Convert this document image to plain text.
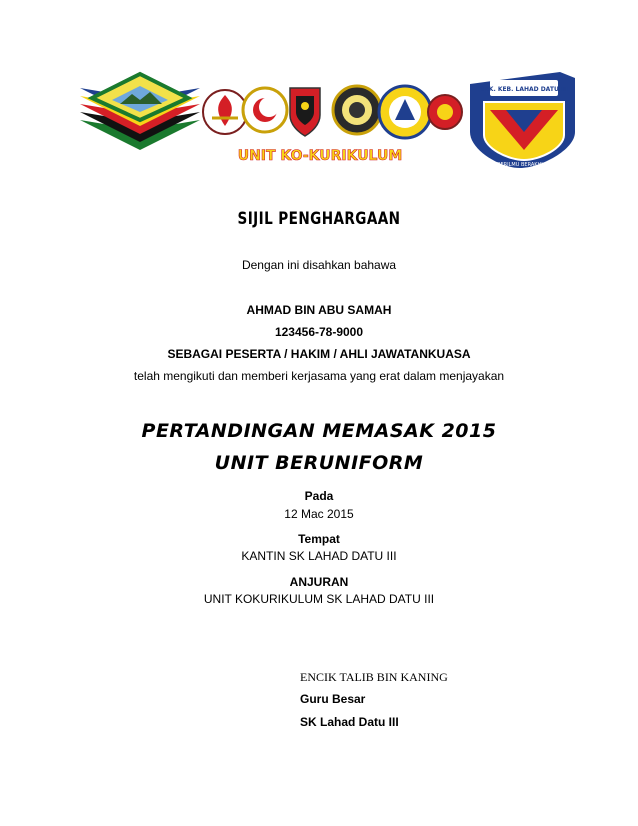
UNIT KO-KURIKULUM
SEK. KEB. LAHAD DATU III
BERILMU BERAKHLAK
SIJIL PENGHARGAAN
Dengan ini disahkan bahawa
AHMAD BIN ABU SAMAH
123456-78-9000
SEBAGAI PESERTA / HAKIM / AHLI JAWATANKUASA
telah mengikuti dan memberi kerjasama yang erat dalam menjayakan
PERTANDINGAN MEMASAK 2015
UNIT BERUNIFORM
Pada
12 Mac 2015
Tempat
KANTIN SK LAHAD DATU III
ANJURAN
UNIT KOKURIKULUM SK LAHAD DATU III
ENCIK TALIB BIN KANING
Guru Besar
SK Lahad Datu III
